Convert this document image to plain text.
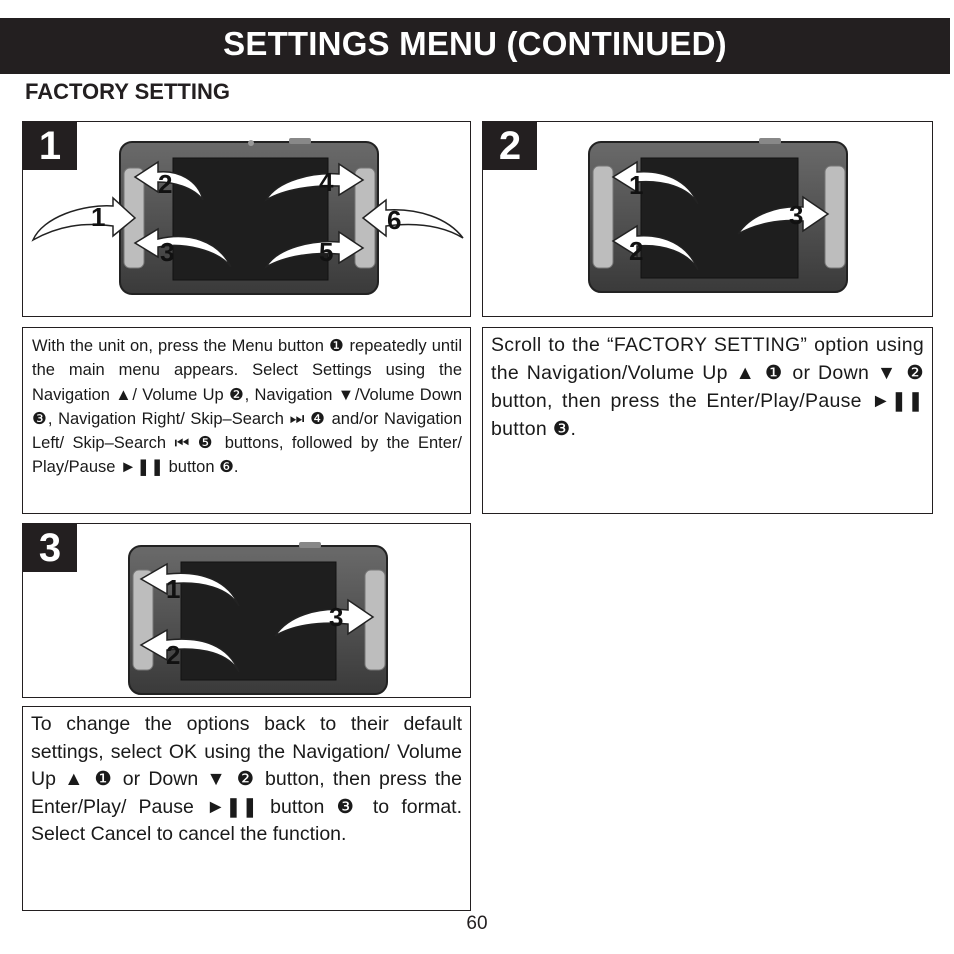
SETTINGS MENU (CONTINUED)
FACTORY SETTING
1
1
2
3
4
5
6
2
1
2
3

With the unit on, press the Menu button ❶ repeatedly until the main menu appears. Select Settings using the Navigation ▲/ Volume Up ❷, Navigation ▼/Volume Down ❸, Navigation Right/ Skip–Search ⏭ ❹ and/or Navigation Left/ Skip–Search ⏮ ❺ buttons, followed by the Enter/ Play/Pause ►❚❚ button ❻.

Scroll to the “FACTORY SETTING” option using the Navigation/Volume Up ▲ ❶ or Down ▼ ❷ button, then press the Enter/Play/Pause ►❚❚ button ❸.

3
1
2
3

To change the options back to their default settings, select OK using the Navigation/ Volume Up ▲ ❶ or Down ▼ ❷ button, then press the Enter/Play/ Pause ►❚❚ button ❸ to format. Select Cancel to cancel the function.

60
